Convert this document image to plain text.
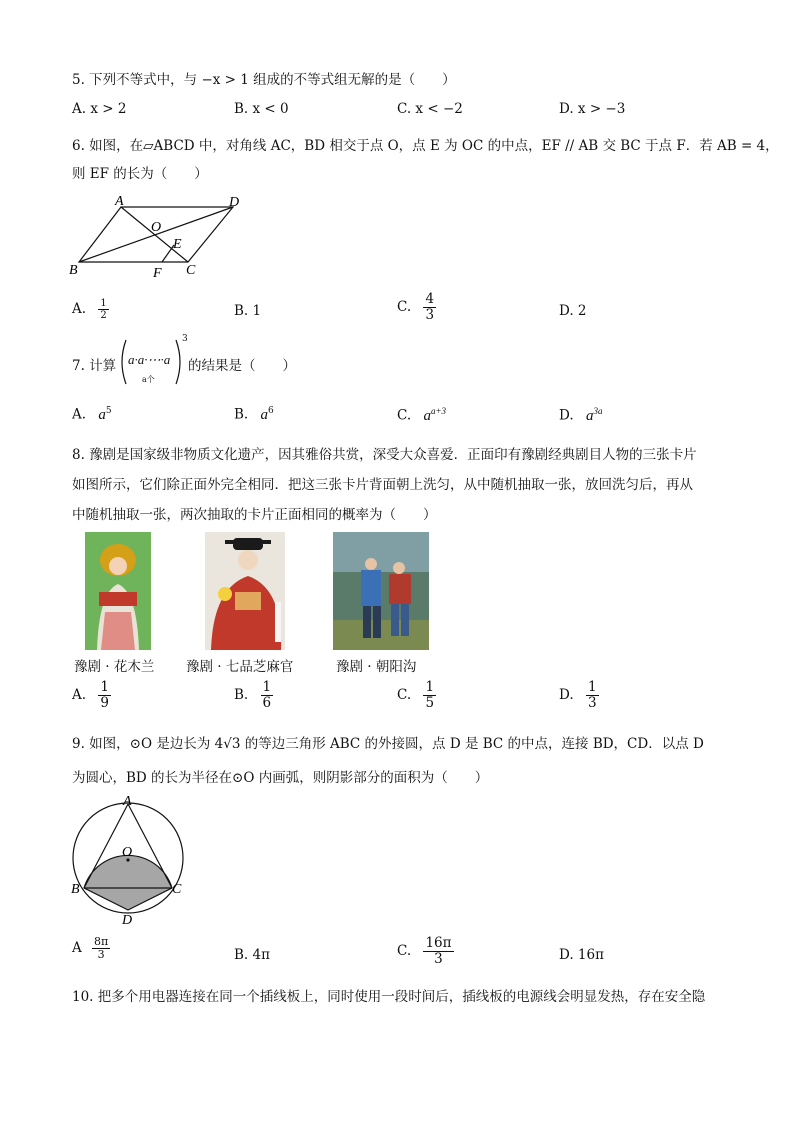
5. 下列不等式中，与 −x > 1 组成的不等式组无解的是（　　）
A. x > 2	B. x < 0	C. x < −2	D. x > −3
6. 如图，在▱ABCD 中，对角线 AC，BD 相交于点 O，点 E 为 OC 的中点，EF // AB 交 BC 于点 F．若 AB = 4，
则 EF 的长为（　　）
A	D
O
E
B	F C
A. $\frac{1}{2}$	B. 1	C. $\frac{4}{3}$	D. 2
7. 计算 a·a·⋯·a
a个
3
的结果是（　　）
A. $a^5$	B. $a^6$	C. $a^{a+3}$	D. $a^{3a}$
8. 豫剧是国家级非物质文化遗产，因其雅俗共赏，深受大众喜爱．正面印有豫剧经典剧目人物的三张卡片
如图所示，它们除正面外完全相同．把这三张卡片背面朝上洗匀，从中随机抽取一张，放回洗匀后，再从
中随机抽取一张，两次抽取的卡片正面相同的概率为（　　）
豫剧 · 花木兰 豫剧 · 七品芝麻官	豫剧 · 朝阳沟
A. $\frac{1}{9}$	B. $\frac{1}{6}$	C. $\frac{1}{5}$	D. $\frac{1}{3}$
9. 如图，⊙O 是边长为 4√3 的等边三角形 ABC 的外接圆，点 D 是 BC 的中点，连接 BD，CD．以点 D
为圆心，BD 的长为半径在⊙O 内画弧，则阴影部分的面积为（　　）
A
O
B	C
D
A $\frac{8\pi}{3}$	B. 4π	C. $\frac{16\pi}{3}$	D. 16π
10. 把多个用电器连接在同一个插线板上，同时使用一段时间后，插线板的电源线会明显发热，存在安全隐
